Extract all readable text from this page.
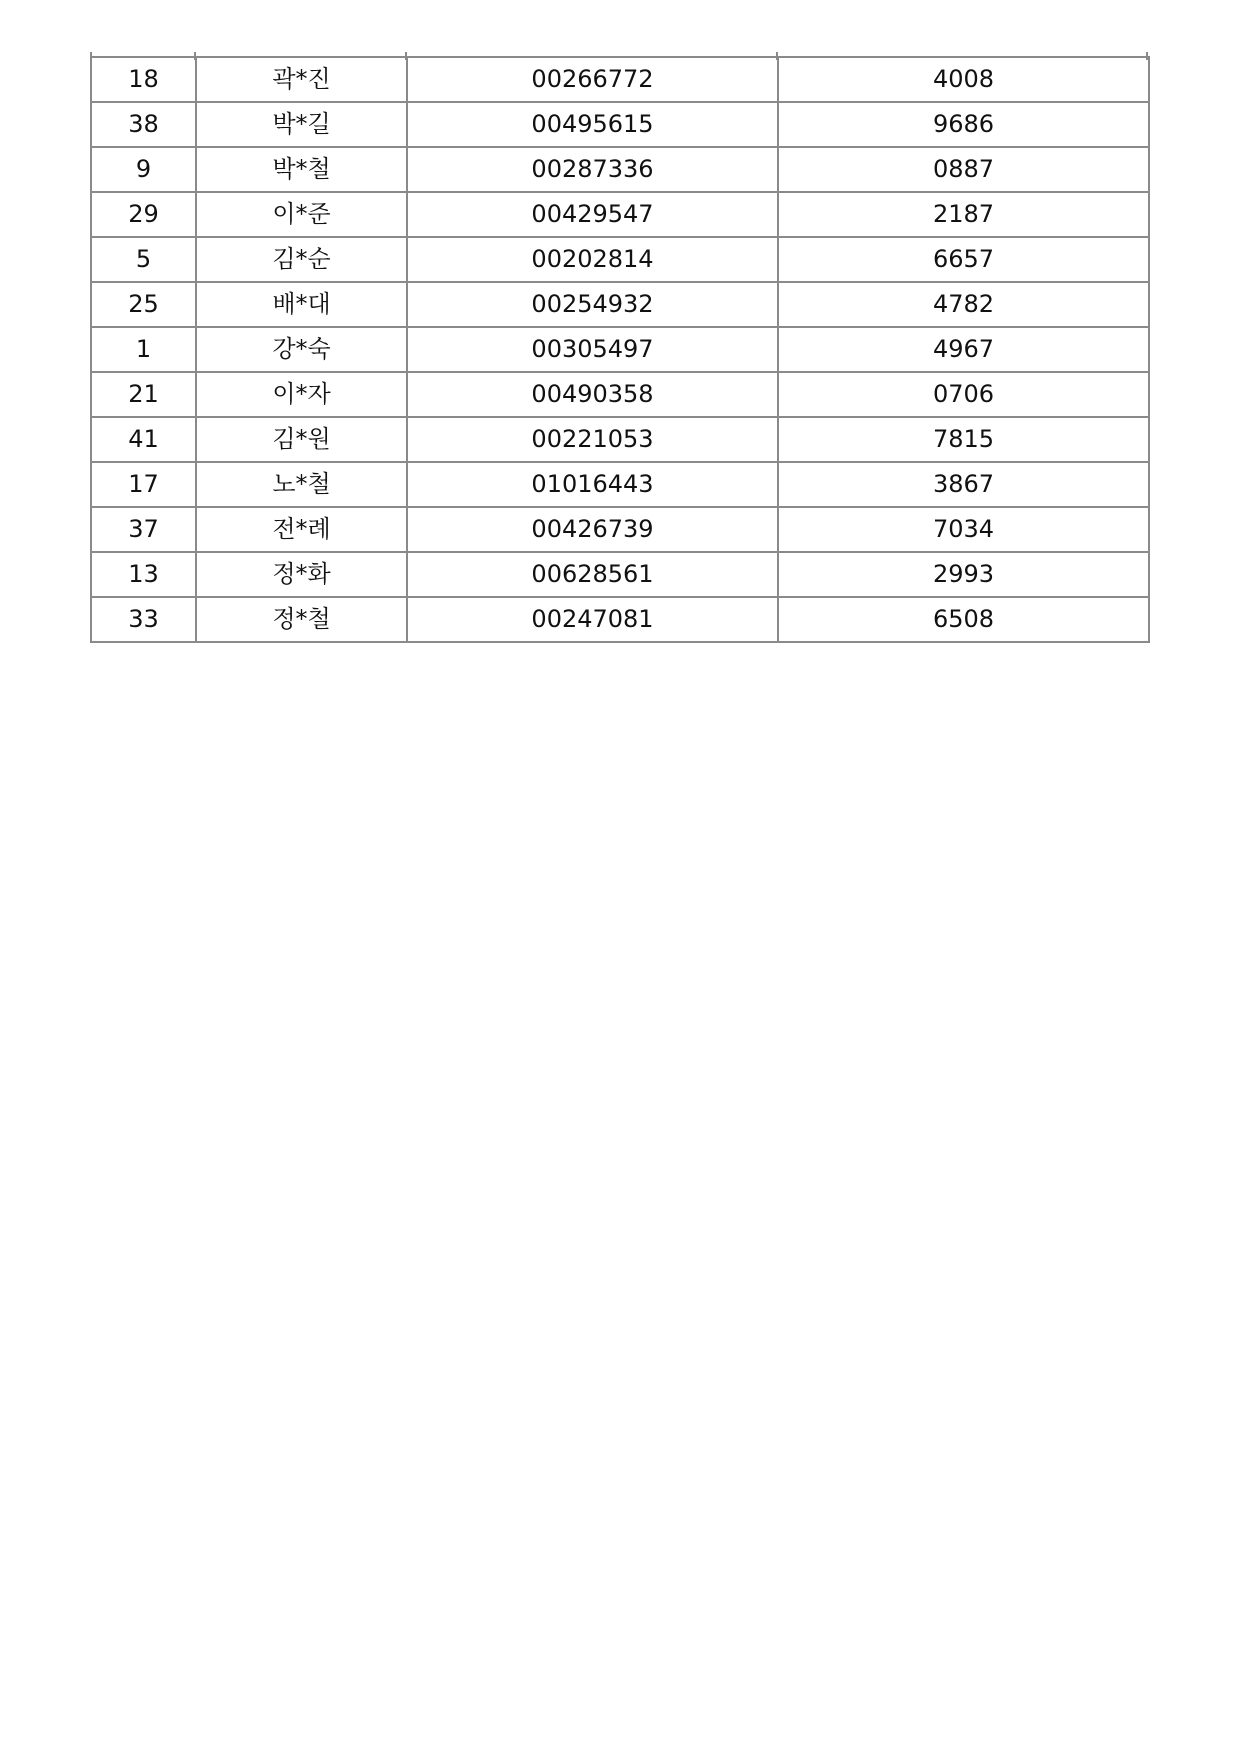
18	곽*진	00266772	4008
38	박*길	00495615	9686
9	박*철	00287336	0887
29	이*준	00429547	2187
5	김*순	00202814	6657
25	배*대	00254932	4782
1	강*숙	00305497	4967
21	이*자	00490358	0706
41	김*원	00221053	7815
17	노*철	01016443	3867
37	전*례	00426739	7034
13	정*화	00628561	2993
33	정*철	00247081	6508
